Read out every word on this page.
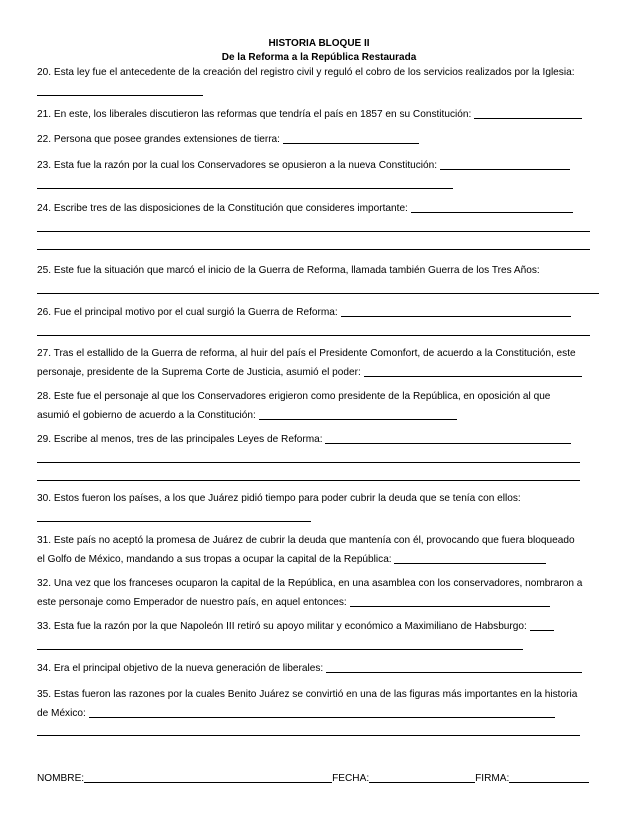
HISTORIA BLOQUE II
De la Reforma a la República Restaurada
20. Esta ley fue el antecedente de la creación del registro civil y reguló el cobro de los servicios realizados por la Iglesia:
21. En este, los liberales discutieron las reformas que tendría el país en 1857 en su Constitución:
22. Persona que posee grandes extensiones de tierra:
23. Esta fue la razón por la cual los Conservadores se opusieron a la nueva Constitución:
24. Escribe tres de las disposiciones de la Constitución que consideres importante:
25. Este fue la situación que marcó el inicio de la Guerra de Reforma, llamada también Guerra de los Tres Años:
26. Fue el principal motivo por el cual surgió la Guerra de Reforma:
27. Tras el estallido de la Guerra de reforma, al huir del país el Presidente Comonfort, de acuerdo a la Constitución, este
personaje, presidente de la Suprema Corte de Justicia, asumió el poder:
28. Este fue el personaje al que los Conservadores erigieron como presidente de la República, en oposición al que
asumió el gobierno de acuerdo a la Constitución:
29. Escribe al menos, tres de las principales Leyes de Reforma:
30. Estos fueron los países, a los que Juárez pidió tiempo para poder cubrir la deuda que se tenía con ellos:
31. Este país no aceptó la promesa de Juárez de cubrir la deuda que mantenía con él, provocando que fuera bloqueado
el Golfo de México, mandando a sus tropas a ocupar la capital de la República:
32. Una vez que los franceses ocuparon la capital de la República, en una asamblea con los conservadores, nombraron a
este personaje como Emperador de nuestro país, en aquel entonces:
33. Esta fue la razón por la que Napoleón III retiró su apoyo militar y económico a Maximiliano de Habsburgo:
34. Era el principal objetivo de la nueva generación de liberales:
35. Estas fueron las razones por la cuales Benito Juárez se convirtió en una de las figuras más importantes en la historia
de México:
NOMBRE:	FECHA:	FIRMA:
